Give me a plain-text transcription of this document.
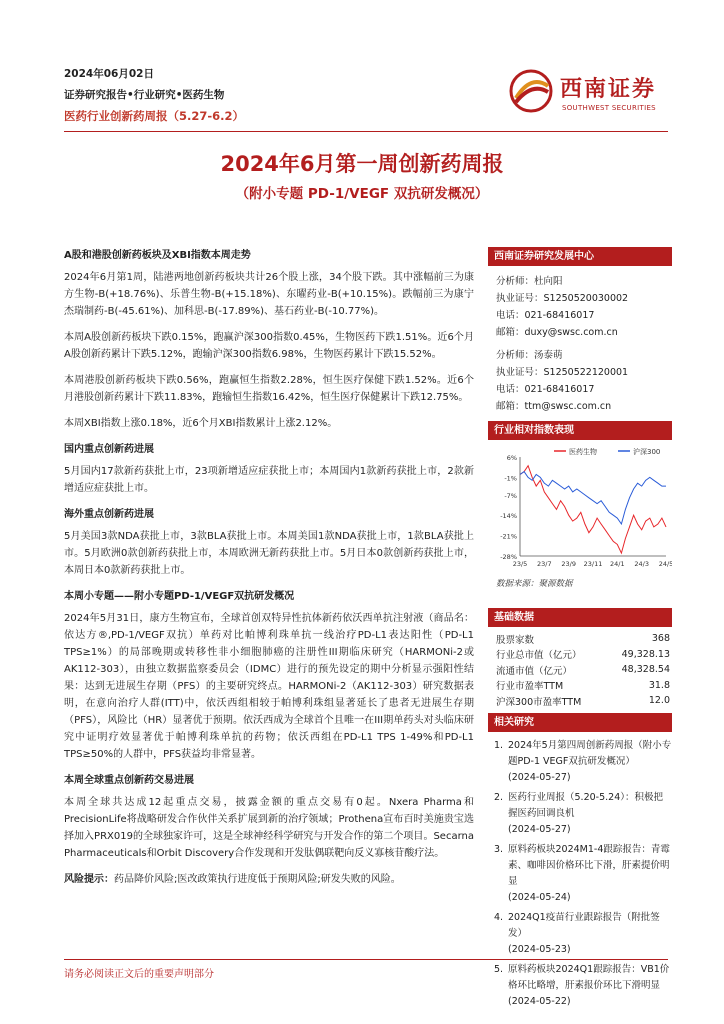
2024年06月02日
证券研究报告•行业研究•医药生物
医药行业创新药周报（5.27-6.2）
西南证券
SOUTHWEST SECURITIES
2024年6月第一周创新药周报
（附小专题 PD-1/VEGF 双抗研发概况）
A股和港股创新药板块及XBI指数本周走势
2024年6月第1周，陆港两地创新药板块共计26个股上涨，34个股下跌。其中涨幅前三为康方生物-B(+18.76%)、乐普生物-B(+15.18%)、东曜药业-B(+10.15%)。跌幅前三为康宁杰瑞制药-B(-45.61%)、加科思-B(-17.89%)、基石药业-B(-10.77%)。
本周A股创新药板块下跌0.15%，跑赢沪深300指数0.45%，生物医药下跌1.51%。近6个月A股创新药累计下跌5.12%，跑输沪深300指数6.98%，生物医药累计下跌15.52%。
本周港股创新药板块下跌0.56%，跑赢恒生指数2.28%，恒生医疗保健下跌1.52%。近6个月港股创新药累计下跌11.83%，跑输恒生指数16.42%，恒生医疗保健累计下跌12.75%。
本周XBI指数上涨0.18%，近6个月XBI指数累计上涨2.12%。
国内重点创新药进展
5月国内17款新药获批上市，23项新增适应症获批上市；本周国内1款新药获批上市，2款新增适应症获批上市。
海外重点创新药进展
5月美国3款NDA获批上市，3款BLA获批上市。本周美国1款NDA获批上市，1款BLA获批上市。5月欧洲0款创新药获批上市，本周欧洲无新药获批上市。5月日本0款创新药获批上市，本周日本0款新药获批上市。
本周小专题——附小专题PD-1/VEGF双抗研发概况
2024年5月31日，康方生物宣布，全球首创双特异性抗体新药依沃西单抗注射液（商品名：依达方®,PD-1/VEGF双抗）单药对比帕博利珠单抗一线治疗PD-L1表达阳性（PD-L1 TPS≥1%）的局部晚期或转移性非小细胞肺癌的注册性III期临床研究（HARMONi-2或AK112-303），由独立数据监察委员会（IDMC）进行的预先设定的期中分析显示强阳性结果：达到无进展生存期（PFS）的主要研究终点。HARMONi-2（AK112-303）研究数据表明，在意向治疗人群(ITT)中，依沃西组相较于帕博利珠组显著延长了患者无进展生存期（PFS），风险比（HR）显著优于预期。依沃西成为全球首个且唯一在III期单药头对头临床研究中证明疗效显著优于帕博利珠单抗的药物；依沃西组在PD-L1 TPS 1-49%和PD-L1 TPS≥50%的人群中，PFS获益均非常显著。
本周全球重点创新药交易进展
本周全球共达成12起重点交易，披露金额的重点交易有0起。Nxera Pharma和PrecisionLife将战略研发合作伙伴关系扩展到新的治疗领域；Prothena宣布百时美施贵宝选择加入PRX019的全球独家许可，这是全球神经科学研究与开发合作的第二个项目。Secarna Pharmaceuticals和Orbit Discovery合作发现和开发肽偶联靶向反义寡核苷酸疗法。
风险提示：药品降价风险;医改政策执行进度低于预期风险;研发失败的风险。
西南证券研究发展中心
分析师：杜向阳
执业证号：S1250520030002
电话：021-68416017
邮箱：duxy@swsc.com.cn
分析师：汤泰萌
执业证号：S1250522120001
电话：021-68416017
邮箱：ttm@swsc.com.cn
行业相对指数表现
6%
-1%
-7%
-14%
-21%
-28%
23/5 23/7 23/9 23/11 24/1 24/3 24/5
医药生物	沪深300
数据来源：聚源数据
基础数据
股票家数	368
行业总市值（亿元）	49,328.13
流通市值（亿元）	48,328.54
行业市盈率TTM	31.8
沪深300市盈率TTM	12.0
相关研究
1. 2024年5月第四周创新药周报（附小专题PD-1 VEGF双抗研发概况）
(2024-05-27)
2. 医药行业周报（5.20-5.24）：积极把握医药回调良机
(2024-05-27)
3. 原料药板块2024M1-4跟踪报告：青霉素、咖啡因价格环比下滑，肝素提价明显
(2024-05-24)
4. 2024Q1疫苗行业跟踪报告（附批签发）
(2024-05-23)
5. 原料药板块2024Q1跟踪报告：VB1价格环比略增，肝素报价环比下滑明显
(2024-05-22)
请务必阅读正文后的重要声明部分
